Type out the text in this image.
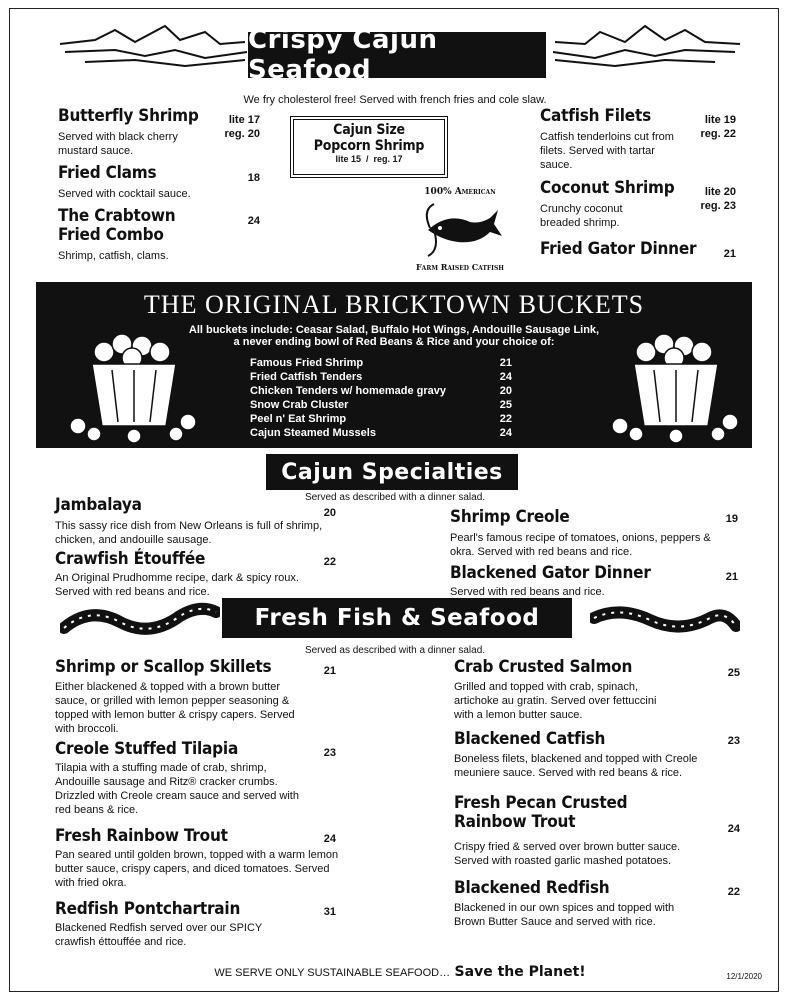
Crispy Cajun Seafood
We fry cholesterol free! Served with french fries and cole slaw.
Butterfly Shrimp
Served with black cherry mustard sauce.
lite 17
reg. 20
Fried Clams
Served with cocktail sauce.
18
The Crabtown Fried Combo
Shrimp, catfish, clams.
24
Cajun Size
Popcorn Shrimp
lite 15  /  reg. 17
100% American
Farm Raised Catfish
Catfish Filets
Catfish tenderloins cut from filets. Served with tartar sauce.
lite 19
reg. 22
Coconut Shrimp
Crunchy coconut breaded shrimp.
lite 20
reg. 23
Fried Gator Dinner	21
THE ORIGINAL BRICKTOWN BUCKETS
All buckets include: Ceasar Salad, Buffalo Hot Wings, Andouille Sausage Link,
a never ending bowl of Red Beans & Rice and your choice of:
Famous Fried Shrimp	21
Fried Catfish Tenders	24
Chicken Tenders w/ homemade gravy	20
Snow Crab Cluster	25
Peel n' Eat Shrimp	22
Cajun Steamed Mussels	24
Cajun Specialties
Served as described with a dinner salad.
Jambalaya
This sassy rice dish from New Orleans is full of shrimp, chicken, and andouille sausage.
20
Crawfish Étouffée
An Original Prudhomme recipe, dark & spicy roux. Served with red beans and rice.
22
Shrimp Creole
Pearl's famous recipe of tomatoes, onions, peppers & okra. Served with red beans and rice.
19
Blackened Gator Dinner
Served with red beans and rice.
21
Fresh Fish & Seafood
Served as described with a dinner salad.
Shrimp or Scallop Skillets
Either blackened & topped with a brown butter sauce, or grilled with lemon pepper seasoning & topped with lemon butter & crispy capers. Served with broccoli.
21
Creole Stuffed Tilapia
Tilapia with a stuffing made of crab, shrimp, Andouille sausage and Ritz® cracker crumbs. Drizzled with Creole cream sauce and served with red beans & rice.
23
Fresh Rainbow Trout
Pan seared until golden brown, topped with a warm lemon butter sauce, crispy capers, and diced tomatoes. Served with fried okra.
24
Redfish Pontchartrain
Blackened Redfish served over our SPICY crawfish éttouffée and rice.
31
Crab Crusted Salmon
Grilled and topped with crab, spinach, artichoke au gratin. Served over fettuccini with a lemon butter sauce.
25
Blackened Catfish
Boneless filets, blackened and topped with Creole meuniere sauce. Served with red beans & rice.
23
Fresh Pecan Crusted Rainbow Trout
Crispy fried & served over brown butter sauce. Served with roasted garlic mashed potatoes.
24
Blackened Redfish
Blackened in our own spices and topped with Brown Butter Sauce and served with rice.
22
WE SERVE ONLY SUSTAINABLE SEAFOOD… Save the Planet!	12/1/2020
